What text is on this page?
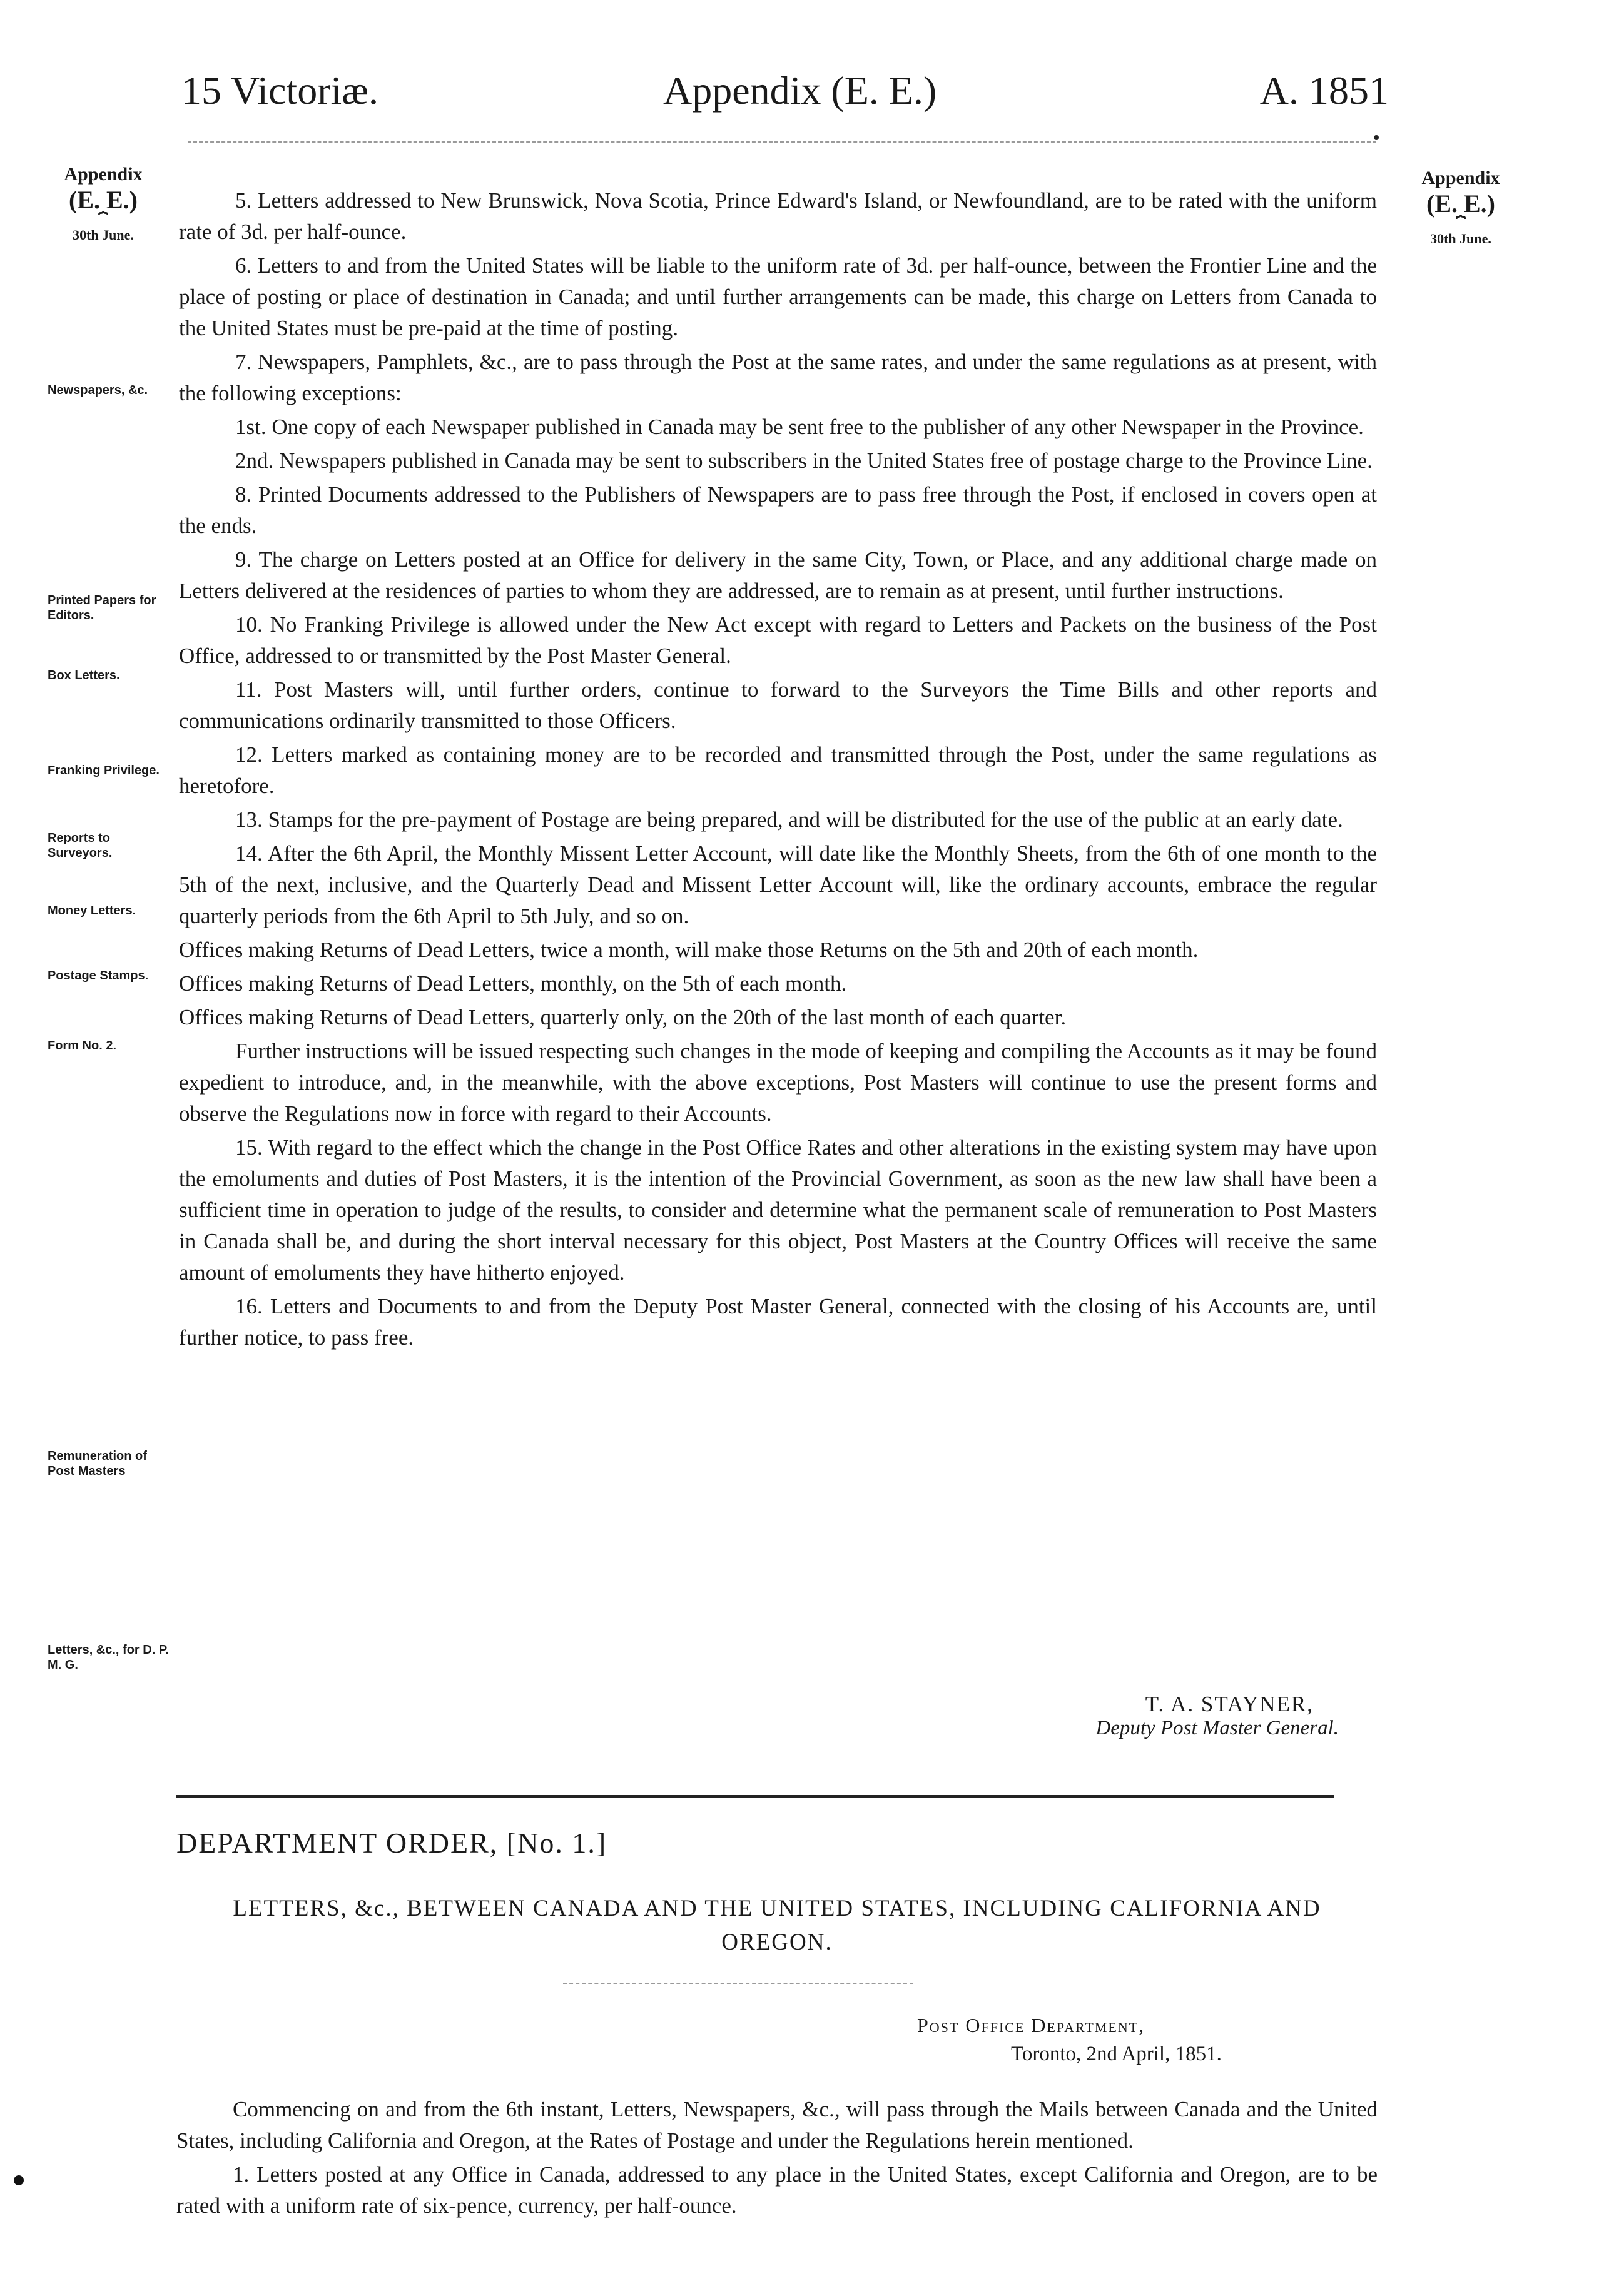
15 Victoriæ.	Appendix (E. E.)	A. 1851
Appendix
(E. E.)
⏞
30th June.
Appendix
(E. E.)
⏞
30th June.
Newspapers, &c.
Printed Papers for Editors.
Box Letters.
Franking Privilege.
Reports to Surveyors.
Money Letters.
Postage Stamps.
Form No. 2.
Remuneration of Post Masters
Letters, &c., for D. P. M. G.

5. Letters addressed to New Brunswick, Nova Scotia, Prince Edward's Island, or Newfoundland, are to be rated with the uniform rate of 3d. per half-ounce.

6. Letters to and from the United States will be liable to the uniform rate of 3d. per half-ounce, between the Frontier Line and the place of posting or place of destination in Canada; and until further arrangements can be made, this charge on Letters from Canada to the United States must be pre-paid at the time of posting.

7. Newspapers, Pamphlets, &c., are to pass through the Post at the same rates, and under the same regulations as at present, with the following exceptions:

1st. One copy of each Newspaper published in Canada may be sent free to the publisher of any other Newspaper in the Province.

2nd. Newspapers published in Canada may be sent to subscribers in the United States free of postage charge to the Province Line.

8. Printed Documents addressed to the Publishers of Newspapers are to pass free through the Post, if enclosed in covers open at the ends.

9. The charge on Letters posted at an Office for delivery in the same City, Town, or Place, and any additional charge made on Letters delivered at the residences of parties to whom they are addressed, are to remain as at present, until further instructions.

10. No Franking Privilege is allowed under the New Act except with regard to Letters and Packets on the business of the Post Office, addressed to or transmitted by the Post Master General.

11. Post Masters will, until further orders, continue to forward to the Surveyors the Time Bills and other reports and communications ordinarily transmitted to those Officers.

12. Letters marked as containing money are to be recorded and transmitted through the Post, under the same regulations as heretofore.

13. Stamps for the pre-payment of Postage are being prepared, and will be distributed for the use of the public at an early date.

14. After the 6th April, the Monthly Missent Letter Account, will date like the Monthly Sheets, from the 6th of one month to the 5th of the next, inclusive, and the Quarterly Dead and Missent Letter Account will, like the ordinary accounts, embrace the regular quarterly periods from the 6th April to 5th July, and so on.

Offices making Returns of Dead Letters, twice a month, will make those Returns on the 5th and 20th of each month.

Offices making Returns of Dead Letters, monthly, on the 5th of each month.

Offices making Returns of Dead Letters, quarterly only, on the 20th of the last month of each quarter.

Further instructions will be issued respecting such changes in the mode of keeping and compiling the Accounts as it may be found expedient to introduce, and, in the meanwhile, with the above exceptions, Post Masters will continue to use the present forms and observe the Regulations now in force with regard to their Accounts.

15. With regard to the effect which the change in the Post Office Rates and other alterations in the existing system may have upon the emoluments and duties of Post Masters, it is the intention of the Provincial Government, as soon as the new law shall have been a sufficient time in operation to judge of the results, to consider and determine what the permanent scale of remuneration to Post Masters in Canada shall be, and during the short interval necessary for this object, Post Masters at the Country Offices will receive the same amount of emoluments they have hitherto enjoyed.

16. Letters and Documents to and from the Deputy Post Master General, connected with the closing of his Accounts are, until further notice, to pass free.

T. A. STAYNER,
Deputy Post Master General.
DEPARTMENT ORDER, [No. 1.]
LETTERS, &c., BETWEEN CANADA AND THE UNITED STATES, INCLUDING CALIFORNIA AND OREGON.
Post Office Department,
Toronto, 2nd April, 1851.

Commencing on and from the 6th instant, Letters, Newspapers, &c., will pass through the Mails between Canada and the United States, including California and Oregon, at the Rates of Postage and under the Regulations herein mentioned.

1. Letters posted at any Office in Canada, addressed to any place in the United States, except California and Oregon, are to be rated with a uniform rate of six-pence, currency, per half-ounce.
